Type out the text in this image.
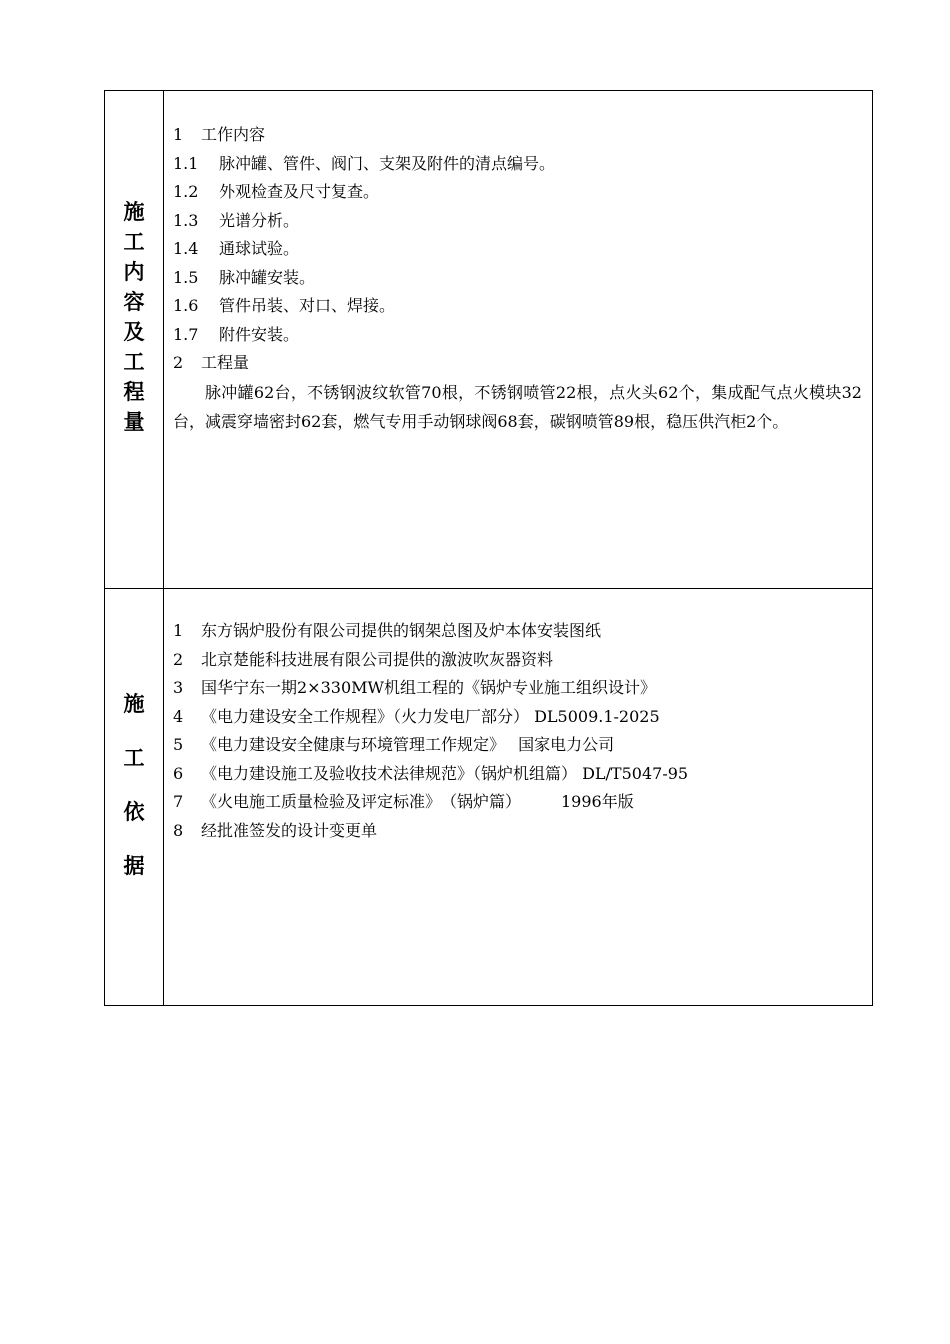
施
工
内
容
及
工
程
量
1 工作内容
1.1 脉冲罐、管件、阀门、支架及附件的清点编号。
1.2 外观检查及尺寸复查。
1.3 光谱分析。
1.4 通球试验。
1.5 脉冲罐安装。
1.6 管件吊装、对口、焊接。
1.7 附件安装。
2 工程量
脉冲罐62台，不锈钢波纹软管70根，不锈钢喷管22根，点火头62个，集成配气点火模块32台，减震穿墙密封62套，燃气专用手动钢球阀68套，碳钢喷管89根，稳压供汽柜2个。
施
工
依
据
1 东方锅炉股份有限公司提供的钢架总图及炉本体安装图纸
2 北京楚能科技进展有限公司提供的激波吹灰器资料
3 国华宁东一期2×330MW机组工程的《锅炉专业施工组织设计》
4 《电力建设安全工作规程》（火力发电厂部分） DL5009.1-2025
5 《电力建设安全健康与环境管理工作规定》　 国家电力公司
6 《电力建设施工及验收技术法律规范》（锅炉机组篇） DL/T5047-95
7 《火电施工质量检验及评定标准》　（锅炉篇）　　　1996年版
8 经批准签发的设计变更单
